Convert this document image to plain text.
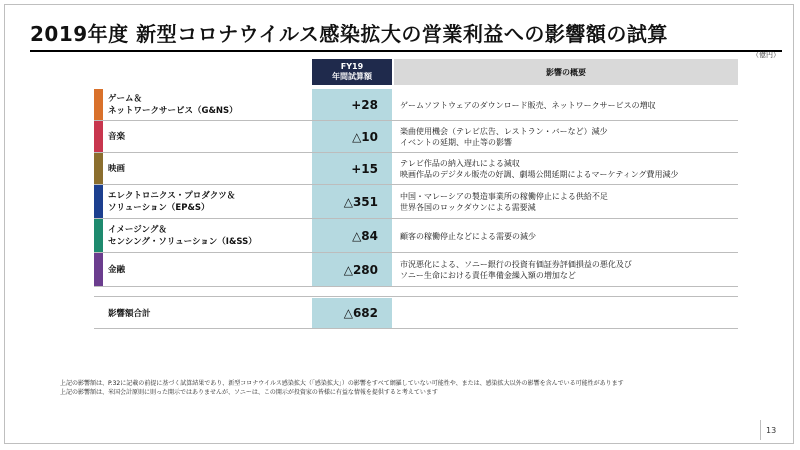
2019年度 新型コロナウイルス感染拡大の営業利益への影響額の試算
（億円）
FY19
年間試算額	影響の概要
ゲーム＆
ネットワークサービス（G&NS）	+28	ゲームソフトウェアのダウンロード販売、ネットワークサービスの増収
音楽	△10	楽曲使用機会（テレビ広告、レストラン・バーなど）減少
イベントの延期、中止等の影響
映画	+15	テレビ作品の納入遅れによる減収
映画作品のデジタル販売の好調、劇場公開延期によるマーケティング費用減少
エレクトロニクス・プロダクツ＆
ソリューション（EP&S）	△351	中国・マレーシアの製造事業所の稼働停止による供給不足
世界各国のロックダウンによる需要減
イメージング＆
センシング・ソリューション（I&SS）	△84	顧客の稼働停止などによる需要の減少
金融	△280	市況悪化による、ソニー銀行の投資有価証券評価損益の悪化及び
ソニー生命における責任準備金繰入額の増加など
影響額合計	△682
上記の影響額は、P.32に記載の前提に基づく試算結果であり、新型コロナウイルス感染拡大（「感染拡大」）の影響をすべて網羅していない可能性や、または、感染拡大以外の影響を含んでいる可能性があります
上記の影響額は、米国会計原則に則った開示ではありませんが、ソニーは、この開示が投資家の皆様に有益な情報を提供すると考えています
13
